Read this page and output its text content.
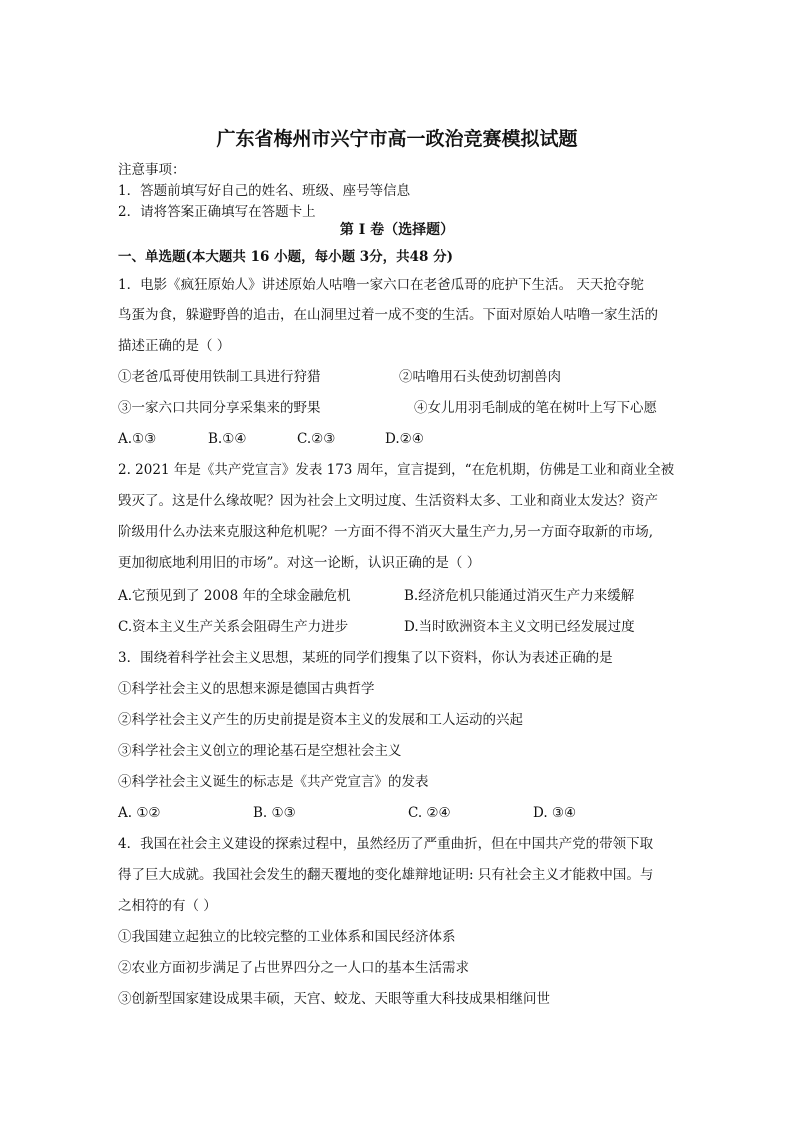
广东省梅州市兴宁市高一政治竞赛模拟试题
注意事项：
1．答题前填写好自己的姓名、班级、座号等信息
2．请将答案正确填写在答题卡上
第 I 卷（选择题）
一、单选题(本大题共 16 小题，每小题 3分，共48 分)
1．电影《疯狂原始人》讲述原始人咕噜一家六口在老爸瓜哥的庇护下生活。 天天抢夺鸵
鸟蛋为食，躲避野兽的追击，在山洞里过着一成不变的生活。下面对原始人咕噜一家生活的
描述正确的是（ ）
①老爸瓜哥使用铁制工具进行狩猎	②咕噜用石头使劲切割兽肉
③一家六口共同分享采集来的野果	④女儿用羽毛制成的笔在树叶上写下心愿
A.①③	B.①④	C.②③	D.②④
2. 2021 年是《共产党宣言》发表 173 周年，宣言提到，“在危机期，仿佛是工业和商业全被
毁灭了。这是什么缘故呢？因为社会上文明过度、生活资料太多、工业和商业太发达？资产
阶级用什么办法来克服这种危机呢？一方面不得不消灭大量生产力,另一方面夺取新的市场,
更加彻底地利用旧的市场”。对这一论断，认识正确的是（ ）
A.它预见到了 2008 年的全球金融危机	B.经济危机只能通过消灭生产力来缓解
C.资本主义生产关系会阻碍生产力进步	D.当时欧洲资本主义文明已经发展过度
3．围绕着科学社会主义思想，某班的同学们搜集了以下资料，你认为表述正确的是
①科学社会主义的思想来源是德国古典哲学
②科学社会主义产生的历史前提是资本主义的发展和工人运动的兴起
③科学社会主义创立的理论基石是空想社会主义
④科学社会主义诞生的标志是《共产党宣言》的发表
A. ①②	B. ①③	C. ②④	D. ③④
4．我国在社会主义建设的探索过程中，虽然经历了严重曲折，但在中国共产党的带领下取
得了巨大成就。我国社会发生的翻天覆地的变化雄辩地证明: 只有社会主义才能救中国。与
之相符的有（ ）
①我国建立起独立的比较完整的工业体系和国民经济体系
②农业方面初步满足了占世界四分之一人口的基本生活需求
③创新型国家建设成果丰硕，天宫、蛟龙、天眼等重大科技成果相继问世
